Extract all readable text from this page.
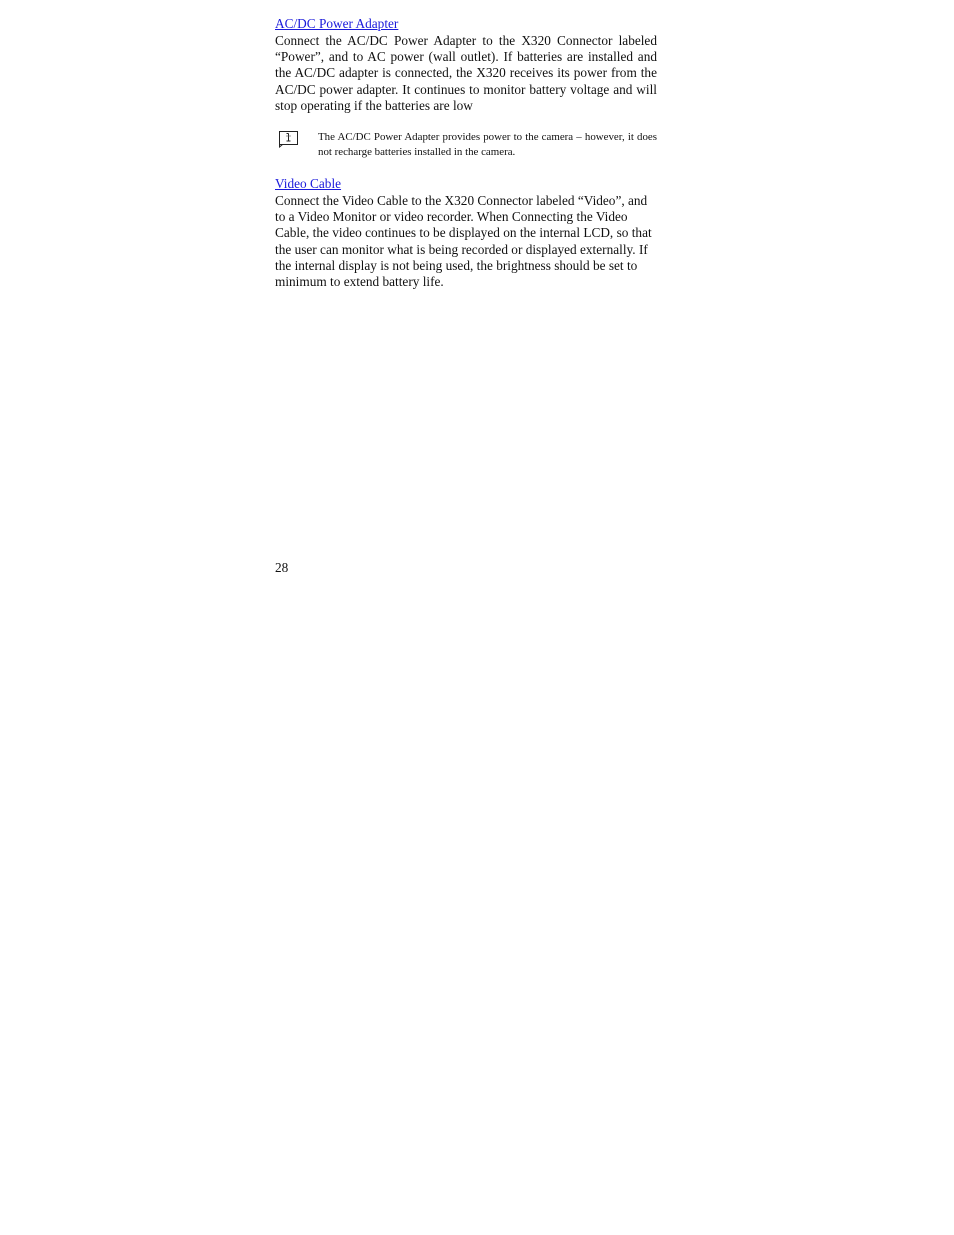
AC/DC Power Adapter

Connect the AC/DC Power Adapter to the X320 Connector labeled “Power”, and to AC power (wall outlet). If batteries are installed and the AC/DC adapter is connected, the X320 receives its power from the AC/DC power adapter. It continues to monitor battery voltage and will stop operating if the batteries are low

The AC/DC Power Adapter provides power to the camera – however, it does not recharge batteries installed in the camera.

Video Cable

Connect the Video Cable to the X320 Connector labeled “Video”, and to a Video Monitor or video recorder. When Connecting the Video Cable, the video continues to be displayed on the internal LCD, so that the user can monitor what is being recorded or displayed externally. If the internal display is not being used, the brightness should be set to minimum to extend battery life.

28
